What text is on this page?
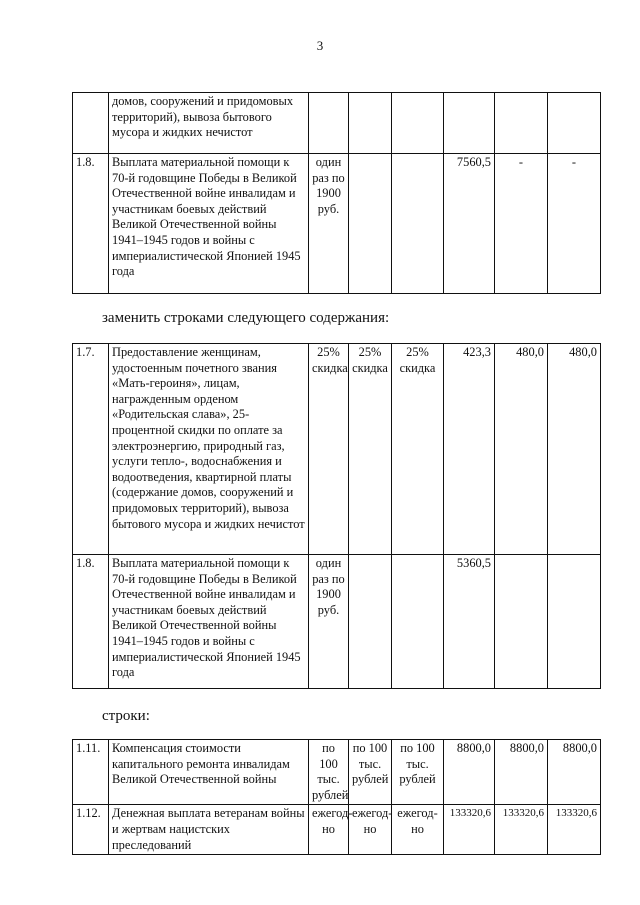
3
	домов, сооружений и придомовых территорий), вывоза бытового мусора и жидких нечистот						
1.8.	Выплата материальной помощи к 70-й годовщине Победы в Великой Отечественной войне инвалидам и участникам боевых действий Великой Отечественной войны 1941–1945 годов и войны с империалистической Японией 1945 года	один раз по 1900 руб.			7560,5	-	-
заменить строками следующего содержания:
1.7.	Предоставление женщинам, удостоенным почетного звания «Мать-героиня», лицам, награжденным орденом «Родительская слава», 25-процентной скидки по оплате за электроэнергию, природный газ, услуги тепло-, водоснабжения и водоотведения, квартирной платы (содержание домов, сооружений и придомовых территорий), вывоза бытового мусора и жидких нечистот	25% скидка	25% скидка	25% скидка	423,3	480,0	480,0
1.8.	Выплата материальной помощи к 70-й годовщине Победы в Великой Отечественной войне инвалидам и участникам боевых действий Великой Отечественной войны 1941–1945 годов и войны с империалистической Японией 1945 года	один раз по 1900 руб.			5360,5		
строки:
1.11.	Компенсация стоимости капитального ремонта инвалидам Великой Отечественной войны	по 100 тыс. рублей	по 100 тыс. рублей	по 100 тыс. рублей	8800,0	8800,0	8800,0
1.12.	Денежная выплата ветеранам войны и жертвам нацистских преследований	ежегод-но	ежегод-но	ежегод-но	133320,6	133320,6	133320,6
